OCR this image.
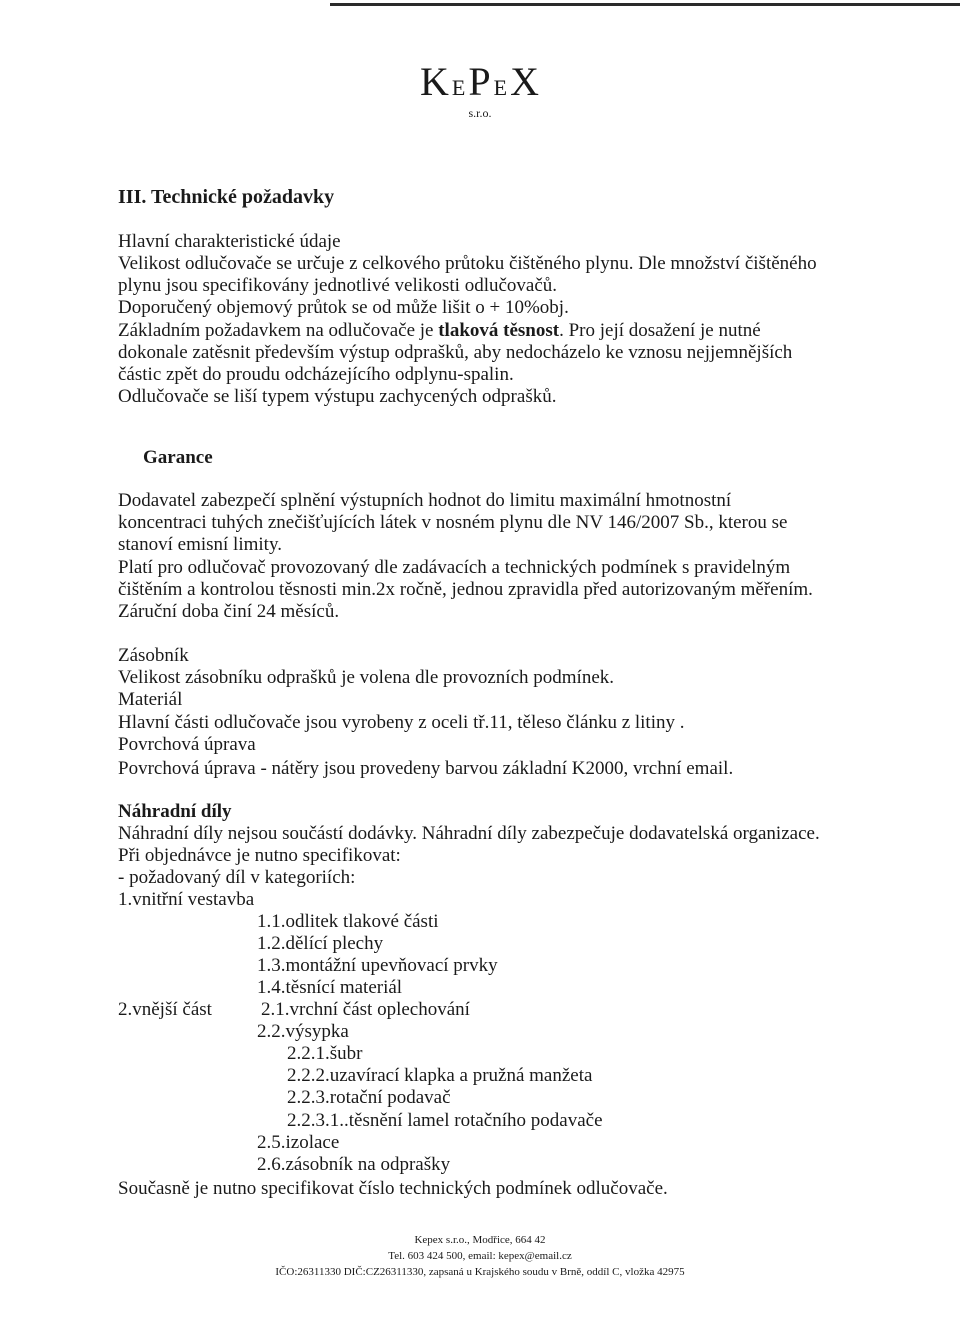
KEPEX
s.r.o.
III. Technické požadavky
Hlavní charakteristické údaje
Velikost odlučovače se určuje z celkového průtoku čištěného plynu. Dle množství čištěného
plynu jsou specifikovány jednotlivé velikosti odlučovačů.
Doporučený objemový průtok se od může lišit o + 10%obj.
Základním požadavkem na odlučovače je tlaková těsnost. Pro její dosažení je nutné
dokonale zatěsnit především výstup odprašků, aby nedocházelo ke vznosu nejjemnějších
částic zpět do proudu odcházejícího odplynu-spalin.
Odlučovače se liší typem výstupu zachycených odprašků.
Garance
Dodavatel zabezpečí splnění výstupních hodnot do limitu maximální hmotnostní
koncentraci tuhých znečišťujících látek v nosném plynu dle NV 146/2007 Sb., kterou se
stanoví emisní limity.
Platí pro odlučovač provozovaný dle zadávacích a technických podmínek s pravidelným
čištěním a kontrolou těsnosti min.2x ročně, jednou zpravidla před autorizovaným měřením.
Záruční doba činí 24 měsíců.
Zásobník
Velikost zásobníku odprašků je volena dle provozních podmínek.
Materiál
Hlavní části odlučovače jsou vyrobeny z oceli tř.11, těleso článku z litiny .
Povrchová úprava
Povrchová úprava - nátěry jsou provedeny barvou základní K2000, vrchní email.
Náhradní díly
Náhradní díly nejsou součástí dodávky. Náhradní díly zabezpečuje dodavatelská organizace.
Při objednávce je nutno specifikovat:
- požadovaný díl v kategoriích:
1.vnitřní vestavba
1.1.odlitek tlakové části
1.2.dělící plechy
1.3.montážní upevňovací prvky
1.4.těsnící materiál
2.vnější část	2.1.vrchní část oplechování
2.2.výsypka
2.2.1.šubr
2.2.2.uzavírací klapka a pružná manžeta
2.2.3.rotační podavač
2.2.3.1..těsnění lamel rotačního podavače
2.5.izolace
2.6.zásobník na odprašky
Současně je nutno specifikovat číslo technických podmínek odlučovače.
Kepex s.r.o., Modřice, 664 42
Tel. 603 424 500, email: kepex@email.cz
IČO:26311330 DIČ:CZ26311330, zapsaná u Krajského soudu v Brně, oddíl C, vložka 42975
